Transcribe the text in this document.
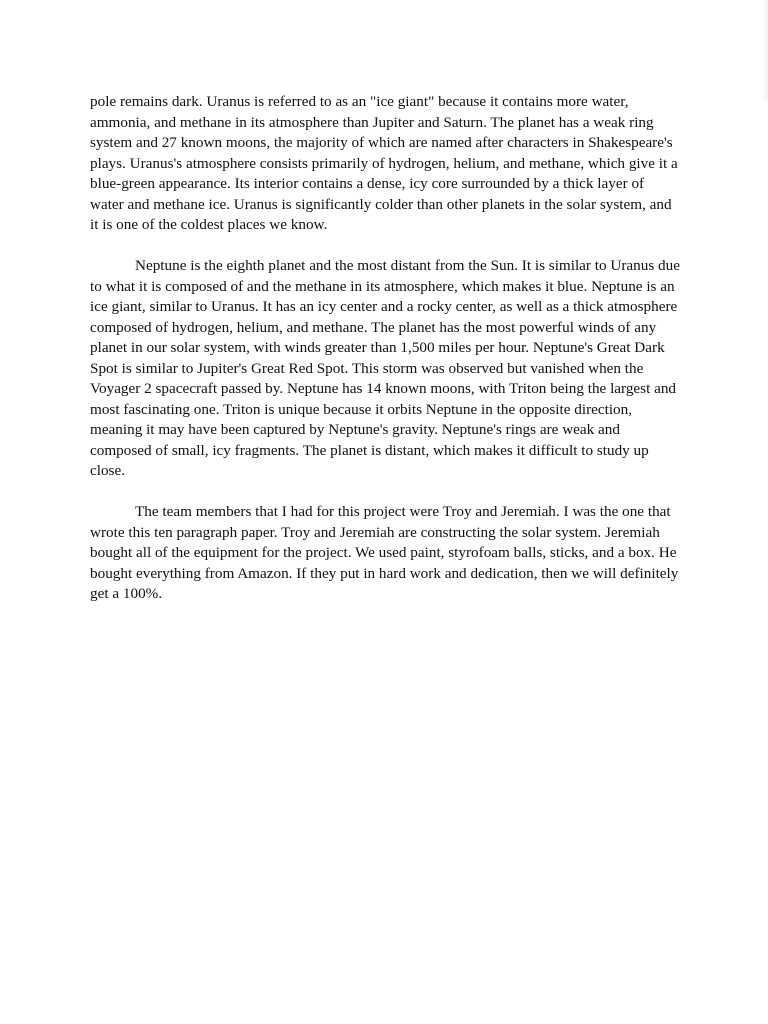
pole remains dark. Uranus is referred to as an "ice giant" because it contains more water, ammonia, and methane in its atmosphere than Jupiter and Saturn. The planet has a weak ring system and 27 known moons, the majority of which are named after characters in Shakespeare's plays. Uranus's atmosphere consists primarily of hydrogen, helium, and methane, which give it a blue-green appearance. Its interior contains a dense, icy core surrounded by a thick layer of water and methane ice. Uranus is significantly colder than other planets in the solar system, and it is one of the coldest places we know.

Neptune is the eighth planet and the most distant from the Sun. It is similar to Uranus due to what it is composed of and the methane in its atmosphere, which makes it blue. Neptune is an ice giant, similar to Uranus. It has an icy center and a rocky center, as well as a thick atmosphere composed of hydrogen, helium, and methane. The planet has the most powerful winds of any planet in our solar system, with winds greater than 1,500 miles per hour. Neptune's Great Dark Spot is similar to Jupiter's Great Red Spot. This storm was observed but vanished when the Voyager 2 spacecraft passed by. Neptune has 14 known moons, with Triton being the largest and most fascinating one. Triton is unique because it orbits Neptune in the opposite direction, meaning it may have been captured by Neptune's gravity. Neptune's rings are weak and composed of small, icy fragments. The planet is distant, which makes it difficult to study up close.

The team members that I had for this project were Troy and Jeremiah. I was the one that wrote this ten paragraph paper. Troy and Jeremiah are constructing the solar system. Jeremiah bought all of the equipment for the project. We used paint, styrofoam balls, sticks, and a box. He bought everything from Amazon. If they put in hard work and dedication, then we will definitely get a 100%.
